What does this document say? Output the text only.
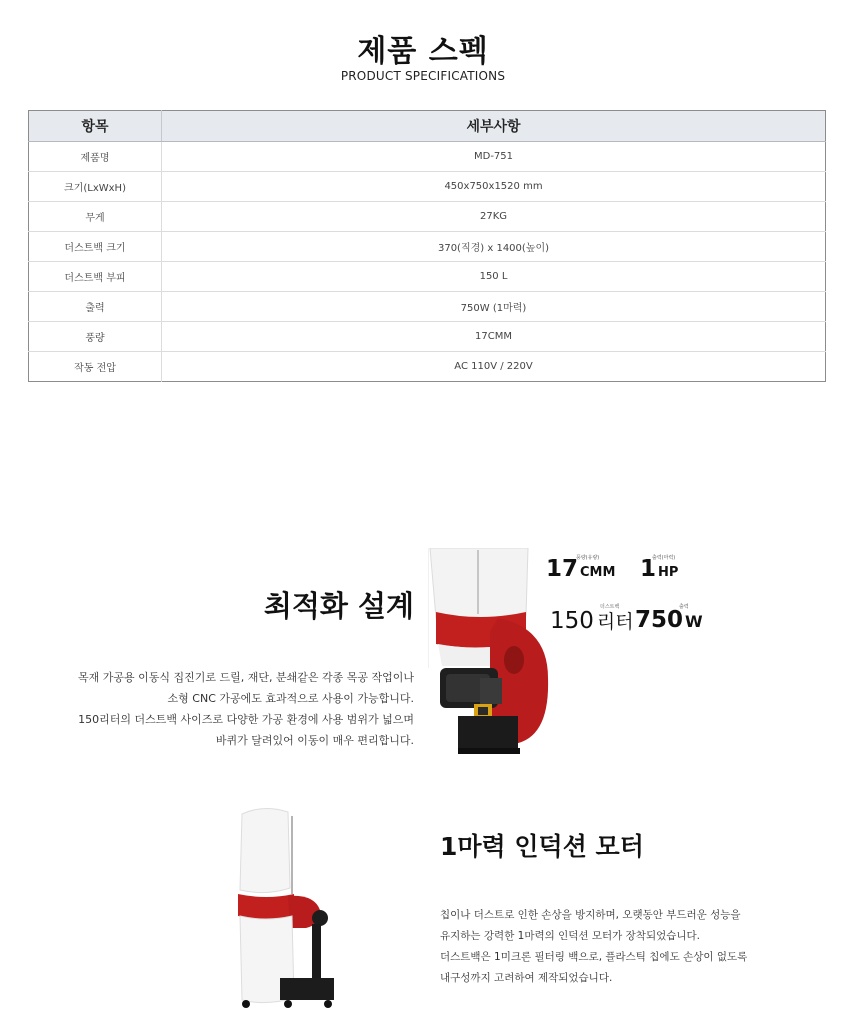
제품 스펙
PRODUCT SPECIFICATIONS
항목	세부사항
제품명	MD-751
크기(LxWxH)	450x750x1520 mm
무게	27KG
더스트백 크기	370(직경) x 1400(높이)
더스트백 부피	150 L
출력	750W (1마력)
풍량	17CMM
작동 전압	AC 110V / 220V
최적화 설계
목재 가공용 이동식 집진기로 드릴, 재단, 분쇄같은 각종 목공 작업이나
소형 CNC 가공에도 효과적으로 사용이 가능합니다.
150리터의 더스트백 사이즈로 다양한 가공 환경에 사용 범위가 넓으며
바퀴가 달려있어 이동이 매우 편리합니다.
풍량(유량)
17 CMM
출력(마력)
1 HP
더스트백
150 리터
출력
750 W
1마력 인덕션 모터
칩이나 더스트로 인한 손상을 방지하며, 오랫동안 부드러운 성능을
유지하는 강력한 1마력의 인덕션 모터가 장착되었습니다.
더스트백은 1미크론 필터링 백으로, 플라스틱 칩에도 손상이 없도록
내구성까지 고려하여 제작되었습니다.
